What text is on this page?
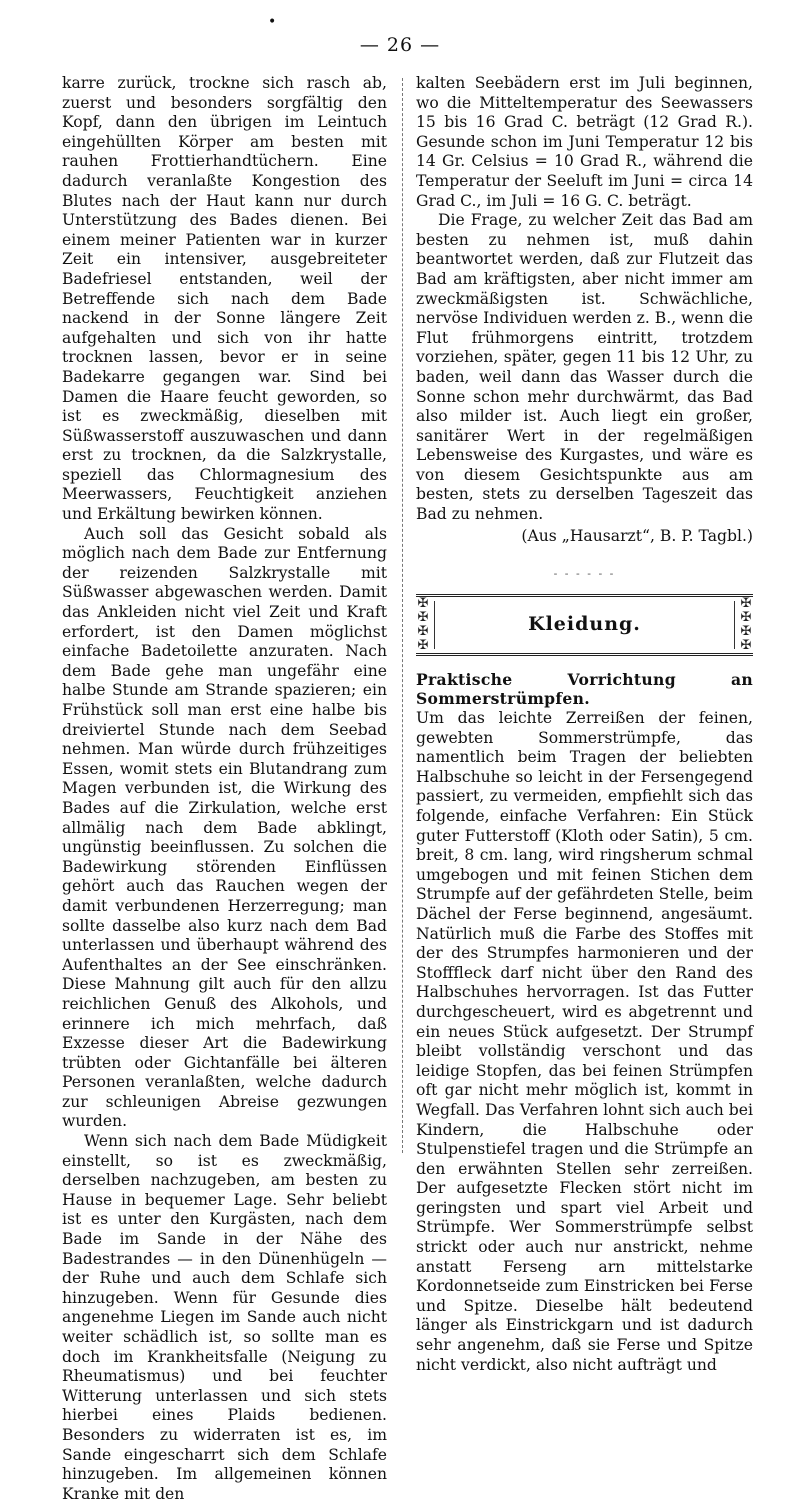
•
— 26 —

karre zurück, trockne sich rasch ab, zuerst und besonders sorgfältig den Kopf, dann den übrigen im Leintuch eingehüllten Körper am besten mit rauhen Frottierhandtüchern. Eine dadurch veranlaßte Kongestion des Blutes nach der Haut kann nur durch Unterstützung des Bades dienen. Bei einem meiner Patienten war in kurzer Zeit ein intensiver, ausgebreiteter Badefriesel entstanden, weil der Betreffende sich nach dem Bade nackend in der Sonne längere Zeit aufgehalten und sich von ihr hatte trocknen lassen, bevor er in seine Badekarre gegangen war. Sind bei Damen die Haare feucht geworden, so ist es zweckmäßig, dieselben mit Süßwasserstoff auszuwaschen und dann erst zu trocknen, da die Salzkrystalle, speziell das Chlormagnesium des Meerwassers, Feuchtigkeit anziehen und Erkältung bewirken können.

Auch soll das Gesicht sobald als möglich nach dem Bade zur Entfernung der reizenden Salzkrystalle mit Süßwasser abgewaschen werden. Damit das Ankleiden nicht viel Zeit und Kraft erfordert, ist den Damen möglichst einfache Badetoilette anzuraten. Nach dem Bade gehe man ungefähr eine halbe Stunde am Strande spazieren; ein Frühstück soll man erst eine halbe bis dreiviertel Stunde nach dem Seebad nehmen. Man würde durch frühzeitiges Essen, womit stets ein Blutandrang zum Magen verbunden ist, die Wirkung des Bades auf die Zirkulation, welche erst allmälig nach dem Bade abklingt, ungünstig beeinflussen. Zu solchen die Badewirkung störenden Einflüssen gehört auch das Rauchen wegen der damit verbundenen Herzerregung; man sollte dasselbe also kurz nach dem Bad unterlassen und überhaupt während des Aufenthaltes an der See einschränken. Diese Mahnung gilt auch für den allzu reichlichen Genuß des Alkohols, und erinnere ich mich mehrfach, daß Exzesse dieser Art die Badewirkung trübten oder Gichtanfälle bei älteren Personen veranlaßten, welche dadurch zur schleunigen Abreise gezwungen wurden.

Wenn sich nach dem Bade Müdigkeit einstellt, so ist es zweckmäßig, derselben nachzugeben, am besten zu Hause in bequemer Lage. Sehr beliebt ist es unter den Kurgästen, nach dem Bade im Sande in der Nähe des Badestrandes — in den Dünenhügeln — der Ruhe und auch dem Schlafe sich hinzugeben. Wenn für Gesunde dies angenehme Liegen im Sande auch nicht weiter schädlich ist, so sollte man es doch im Krankheitsfalle (Neigung zu Rheumatismus) und bei feuchter Witterung unterlassen und sich stets hierbei eines Plaids bedienen. Besonders zu widerraten ist es, im Sande eingescharrt sich dem Schlafe hinzugeben. Im allgemeinen können Kranke mit den

kalten Seebädern erst im Juli beginnen, wo die Mitteltemperatur des Seewassers 15 bis 16 Grad C. beträgt (12 Grad R.). Gesunde schon im Juni Temperatur 12 bis 14 Gr. Celsius = 10 Grad R., während die Temperatur der Seeluft im Juni = circa 14 Grad C., im Juli = 16 G. C. beträgt.

Die Frage, zu welcher Zeit das Bad am besten zu nehmen ist, muß dahin beantwortet werden, daß zur Flutzeit das Bad am kräftigsten, aber nicht immer am zweckmäßigsten ist. Schwächliche, nervöse Individuen werden z. B., wenn die Flut frühmorgens eintritt, trotzdem vorziehen, später, gegen 11 bis 12 Uhr, zu baden, weil dann das Wasser durch die Sonne schon mehr durchwärmt, das Bad also milder ist. Auch liegt ein großer, sanitärer Wert in der regelmäßigen Lebensweise des Kurgastes, und wäre es von diesem Gesichtspunkte aus am besten, stets zu derselben Tageszeit das Bad zu nehmen.

(Aus „Hausarzt“, B. P. Tagbl.)
- - - - - -
✠
✠
✠
✠
Kleidung.
✠
✠
✠
✠

Praktische Vorrichtung an Sommerstrümpfen.

Um das leichte Zerreißen der feinen, gewebten Sommerstrümpfe, das namentlich beim Tragen der beliebten Halbschuhe so leicht in der Fersengegend passiert, zu vermeiden, empfiehlt sich das folgende, einfache Verfahren: Ein Stück guter Futterstoff (Kloth oder Satin), 5 cm. breit, 8 cm. lang, wird ringsherum schmal umgebogen und mit feinen Stichen dem Strumpfe auf der gefährdeten Stelle, beim Dächel der Ferse beginnend, angesäumt. Natürlich muß die Farbe des Stoffes mit der des Strumpfes harmonieren und der Stofffleck darf nicht über den Rand des Halbschuhes hervorragen. Ist das Futter durchgescheuert, wird es abgetrennt und ein neues Stück aufgesetzt. Der Strumpf bleibt vollständig verschont und das leidige Stopfen, das bei feinen Strümpfen oft gar nicht mehr möglich ist, kommt in Wegfall. Das Verfahren lohnt sich auch bei Kindern, die Halbschuhe oder Stulpenstiefel tragen und die Strümpfe an den erwähnten Stellen sehr zerreißen. Der aufgesetzte Flecken stört nicht im geringsten und spart viel Arbeit und Strümpfe. Wer Sommerstrümpfe selbst strickt oder auch nur anstrickt, nehme anstatt Ferseng arn mittelstarke Kordonnetseide zum Einstricken bei Ferse und Spitze. Dieselbe hält bedeutend länger als Einstrickgarn und ist dadurch sehr angenehm, daß sie Ferse und Spitze nicht verdickt, also nicht aufträgt und
